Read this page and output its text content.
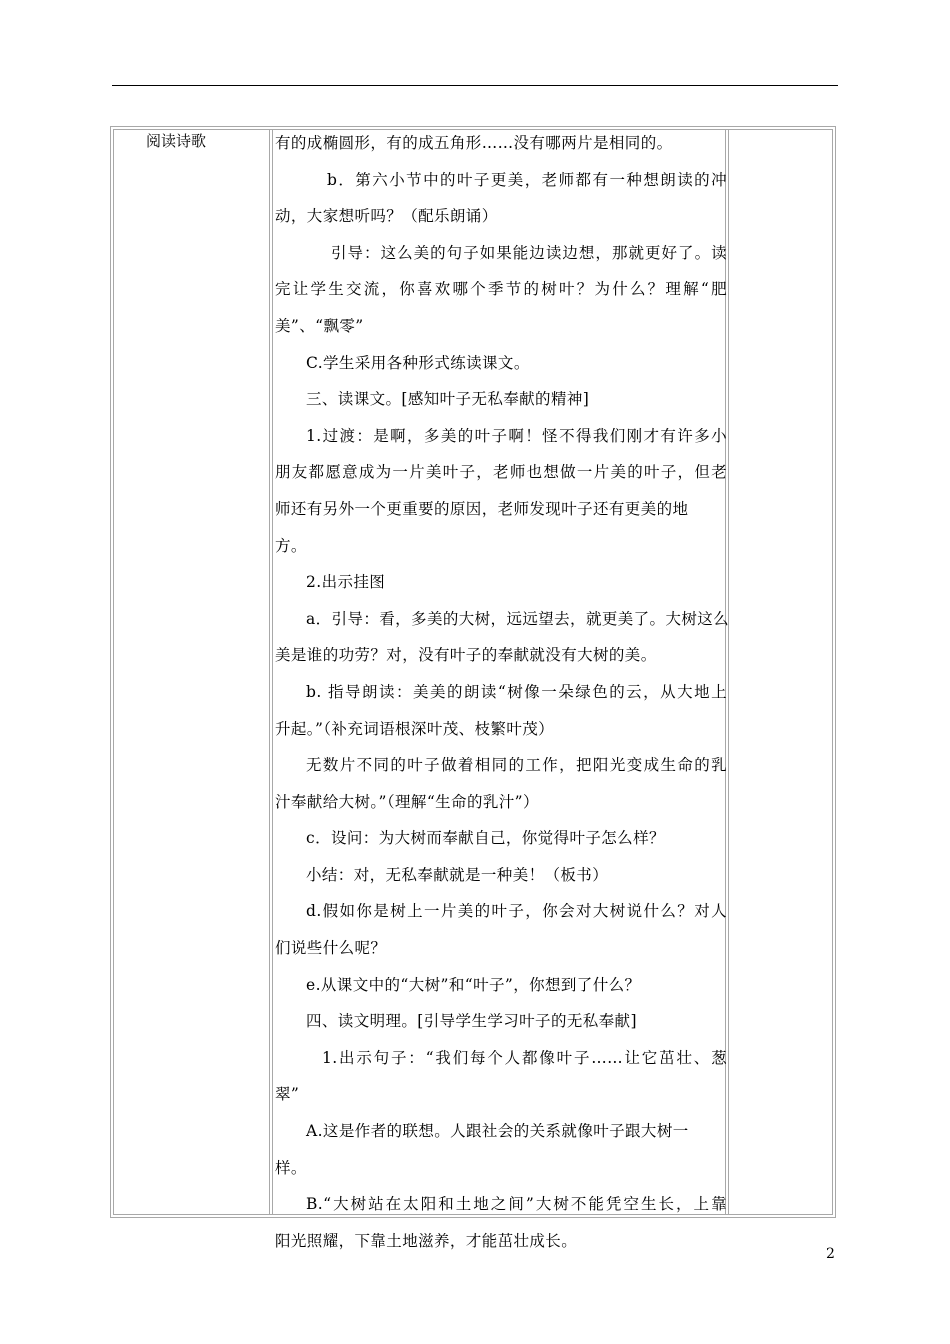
阅读诗歌	有的成椭圆形，有的成五角形……没有哪两片是相同的。
b．第六小节中的叶子更美，老师都有一种想朗读的冲
动，大家想听吗？（配乐朗诵）
引导：这么美的句子如果能边读边想，那就更好了。读
完让学生交流，你喜欢哪个季节的树叶？为什么？理解“肥
美”、“飘零”
C.学生采用各种形式练读课文。
三、读课文。[感知叶子无私奉献的精神]
1.过渡：是啊，多美的叶子啊！怪不得我们刚才有许多小
朋友都愿意成为一片美叶子，老师也想做一片美的叶子，但老
师还有另外一个更重要的原因，老师发现叶子还有更美的地
方。
2.出示挂图
a．引导：看，多美的大树，远远望去，就更美了。大树这么
美是谁的功劳？对，没有叶子的奉献就没有大树的美。
b. 指导朗读：美美的朗读“树像一朵绿色的云，从大地上
升起。”（补充词语根深叶茂、枝繁叶茂）
无数片不同的叶子做着相同的工作，把阳光变成生命的乳
汁奉献给大树。”（理解“生命的乳汁”）
c．设问：为大树而奉献自己，你觉得叶子怎么样？
小结：对，无私奉献就是一种美！（板书）
d.假如你是树上一片美的叶子，你会对大树说什么？对人
们说些什么呢？
e.从课文中的“大树”和“叶子”，你想到了什么？
四、读文明理。[引导学生学习叶子的无私奉献]
1.出示句子：“我们每个人都像叶子……让它茁壮、葱
翠”
A.这是作者的联想。人跟社会的关系就像叶子跟大树一
样。
B.“大树站在太阳和土地之间”大树不能凭空生长，上靠
阳光照耀，下靠土地滋养，才能茁壮成长。
2
